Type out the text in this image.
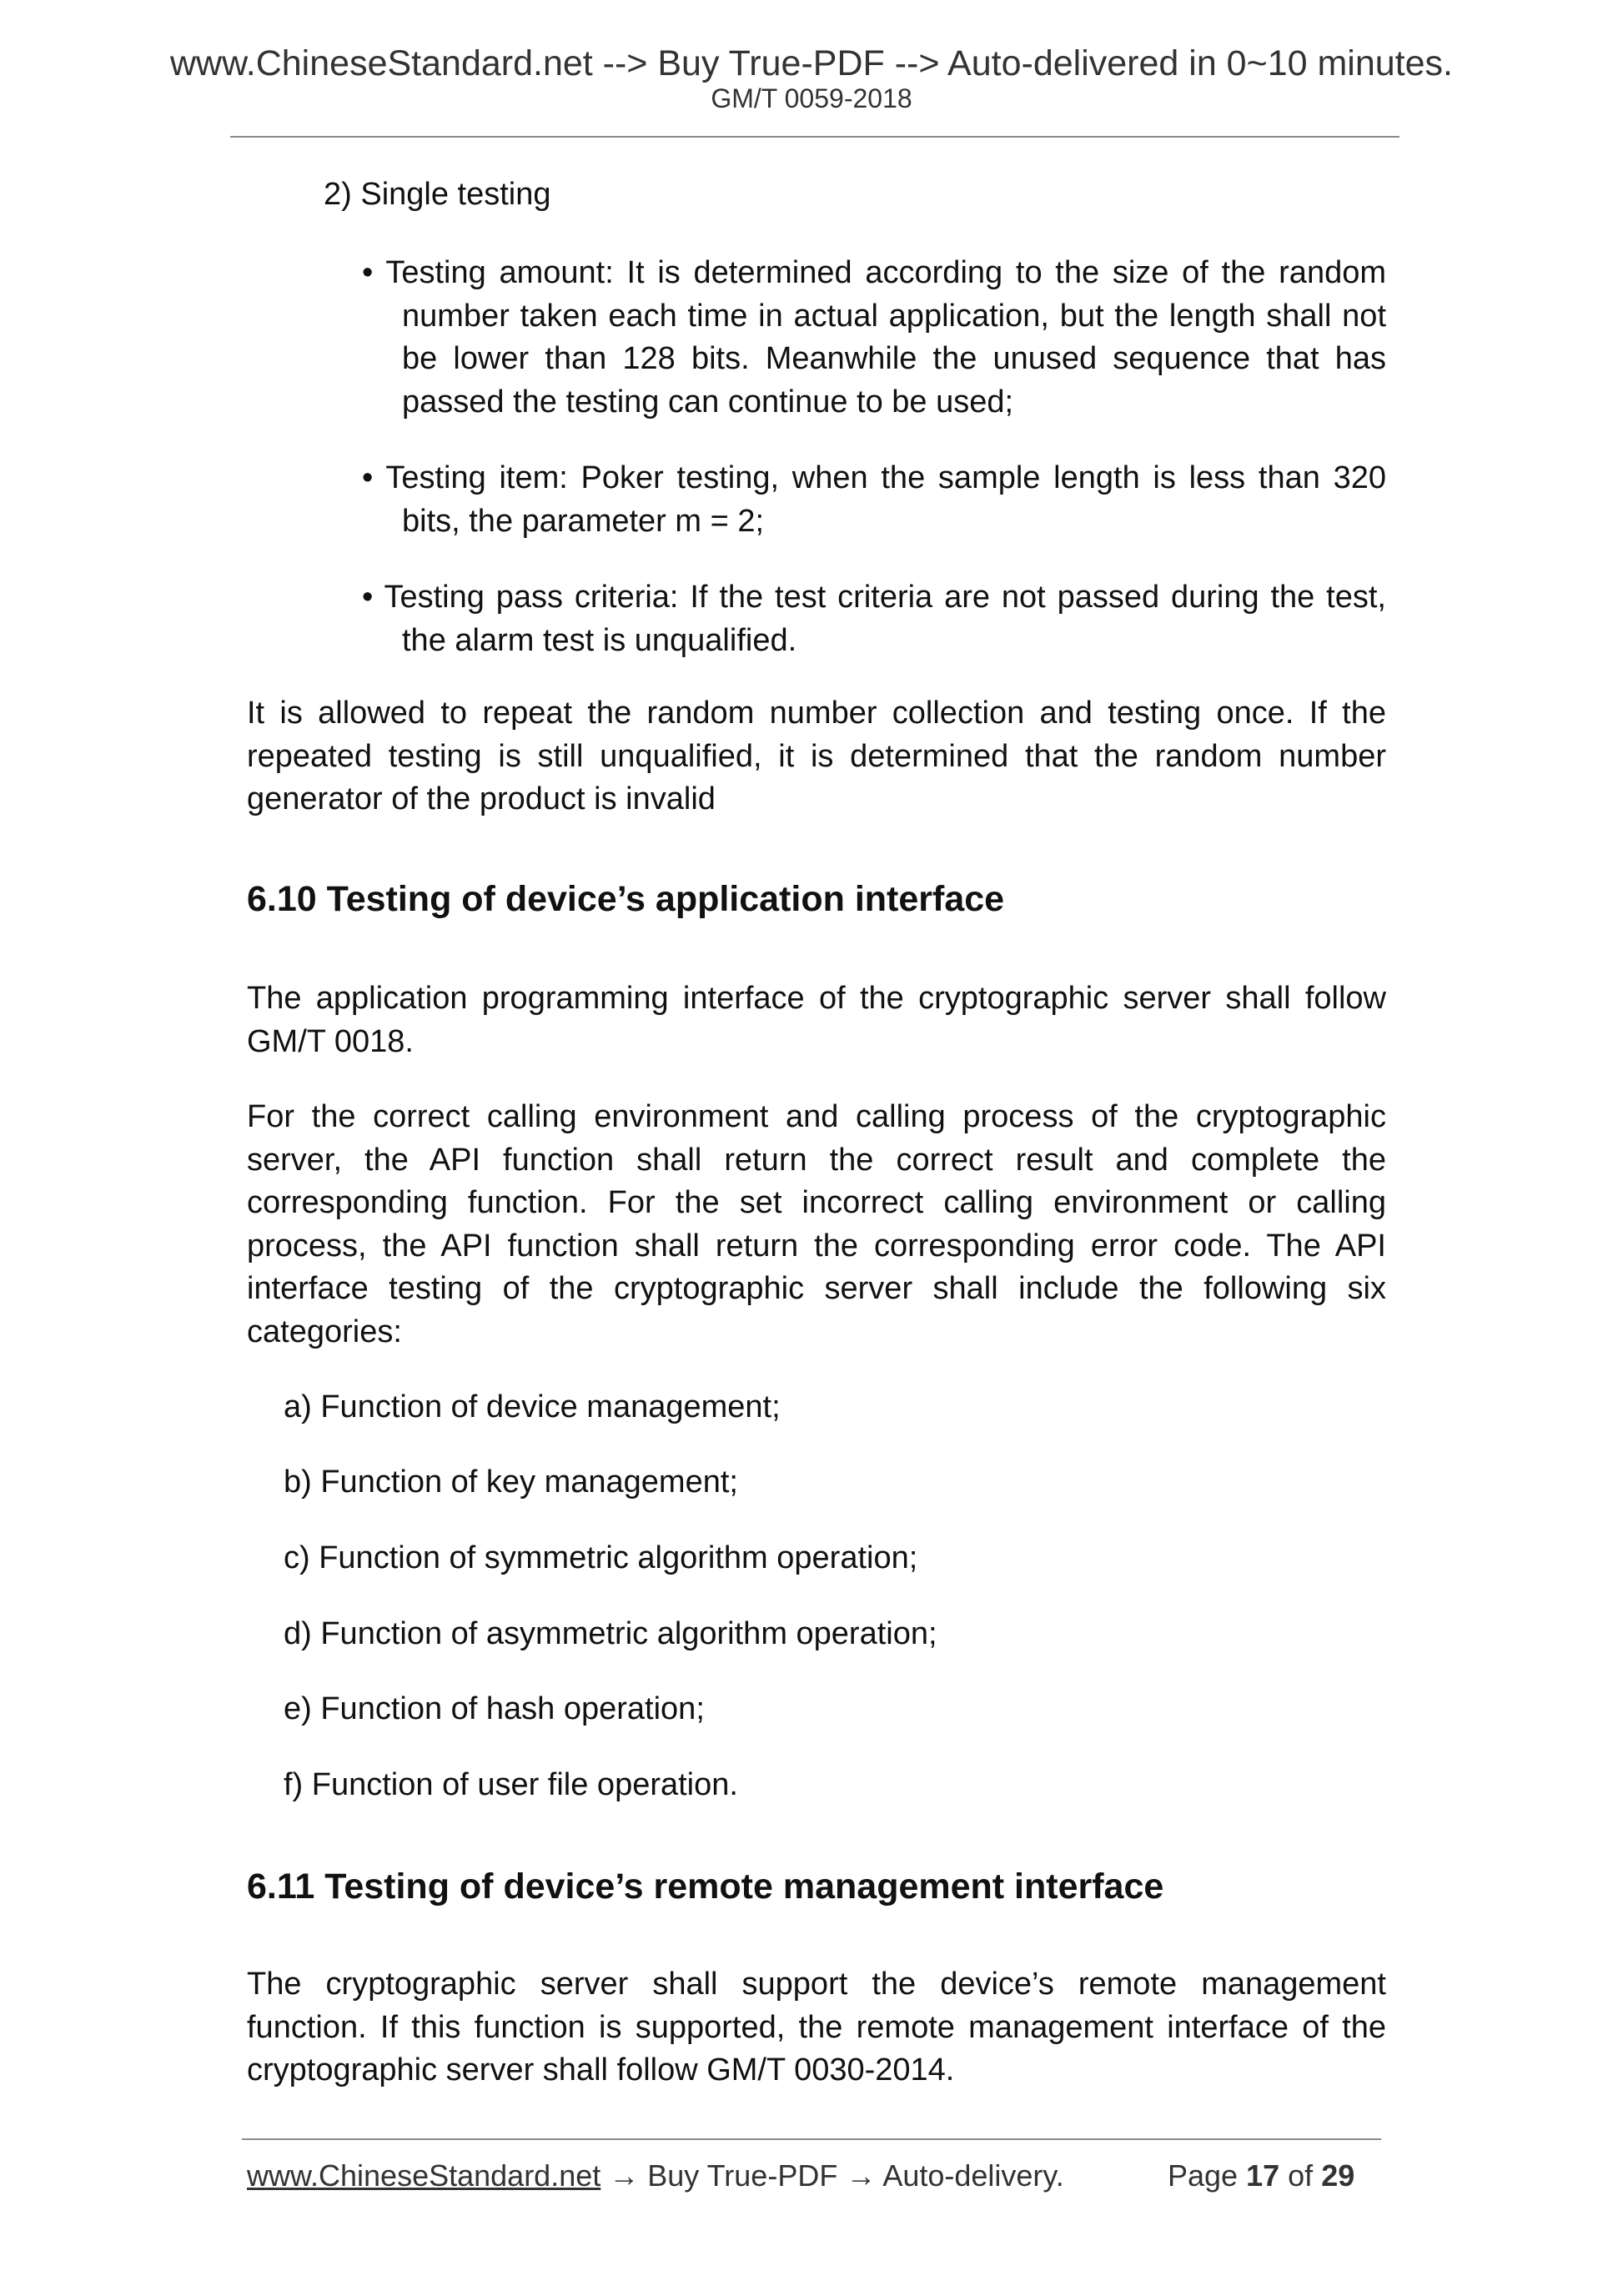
www.ChineseStandard.net --> Buy True-PDF --> Auto-delivered in 0~10 minutes.
GM/T 0059-2018
2) Single testing
• Testing amount: It is determined according to the size of the random
number taken each time in actual application, but the length shall not
be lower than 128 bits. Meanwhile the unused sequence that has
passed the testing can continue to be used;
• Testing item: Poker testing, when the sample length is less than 320
bits, the parameter m = 2;
• Testing pass criteria: If the test criteria are not passed during the test,
the alarm test is unqualified.
It is allowed to repeat the random number collection and testing once. If the
repeated testing is still unqualified, it is determined that the random number
generator of the product is invalid
6.10 Testing of device’s application interface
The application programming interface of the cryptographic server shall follow
GM/T 0018.
For the correct calling environment and calling process of the cryptographic
server, the API function shall return the correct result and complete the
corresponding function. For the set incorrect calling environment or calling
process, the API function shall return the corresponding error code. The API
interface testing of the cryptographic server shall include the following six
categories:
a) Function of device management;
b) Function of key management;
c) Function of symmetric algorithm operation;
d) Function of asymmetric algorithm operation;
e) Function of hash operation;
f) Function of user file operation.
6.11 Testing of device’s remote management interface
The cryptographic server shall support the device’s remote management
function. If this function is supported, the remote management interface of the
cryptographic server shall follow GM/T 0030-2014.
www.ChineseStandard.net → Buy True-PDF → Auto-delivery.	Page 17 of 29
